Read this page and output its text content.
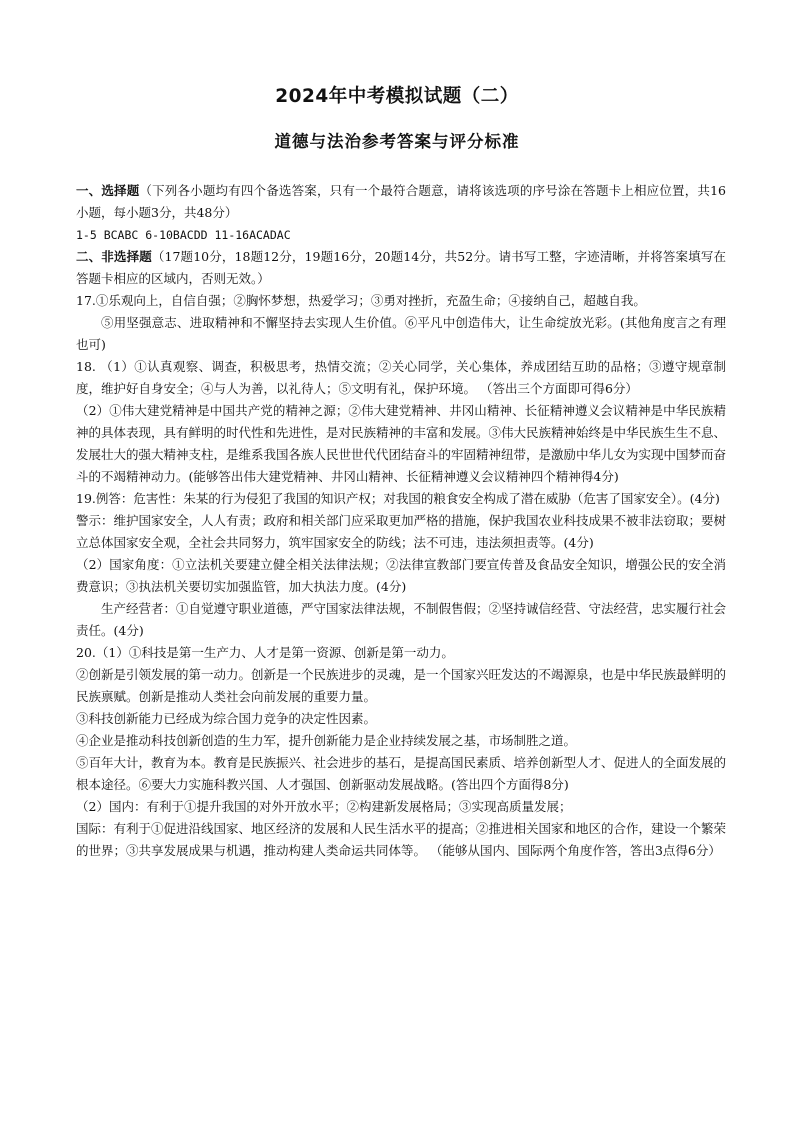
2024年中考模拟试题（二）
道德与法治参考答案与评分标准

一、选择题（下列各小题均有四个备选答案，只有一个最符合题意，请将该选项的序号涂在答题卡上相应位置，共16小题，每小题3分，共48分）

1-5 BCABC 6-10BACDD 11-16ACADAC

二、非选择题（17题10分，18题12分，19题16分，20题14分，共52分。请书写工整，字迹清晰，并将答案填写在答题卡相应的区域内，否则无效。）

17.①乐观向上，自信自强；②胸怀梦想，热爱学习；③勇对挫折，充盈生命；④接纳自己，超越自我。

⑤用坚强意志、进取精神和不懈坚持去实现人生价值。⑥平凡中创造伟大，让生命绽放光彩。(其他角度言之有理也可)

18. （1）①认真观察、调查，积极思考，热情交流；②关心同学，关心集体，养成团结互助的品格；③遵守规章制度，维护好自身安全；④与人为善，以礼待人；⑤文明有礼，保护环境。 （答出三个方面即可得6分）

（2）①伟大建党精神是中国共产党的精神之源；②伟大建党精神、井冈山精神、长征精神遵义会议精神是中华民族精神的具体表现，具有鲜明的时代性和先进性，是对民族精神的丰富和发展。③伟大民族精神始终是中华民族生生不息、发展壮大的强大精神支柱，是维系我国各族人民世世代代团结奋斗的牢固精神纽带，是激励中华儿女为实现中国梦而奋斗的不竭精神动力。(能够答出伟大建党精神、井冈山精神、长征精神遵义会议精神四个精神得4分)

19.例答：危害性：朱某的行为侵犯了我国的知识产权；对我国的粮食安全构成了潜在威胁（危害了国家安全）。(4分)

警示：维护国家安全，人人有责；政府和相关部门应采取更加严格的措施，保护我国农业科技成果不被非法窃取；要树立总体国家安全观，全社会共同努力，筑牢国家安全的防线；法不可违，违法须担责等。(4分)

（2）国家角度：①立法机关要建立健全相关法律法规；②法律宣教部门要宣传普及食品安全知识，增强公民的安全消费意识；③执法机关要切实加强监管，加大执法力度。(4分)

生产经营者：①自觉遵守职业道德，严守国家法律法规，不制假售假；②坚持诚信经营、守法经营，忠实履行社会责任。(4分)

20.（1）①科技是第一生产力、人才是第一资源、创新是第一动力。

②创新是引领发展的第一动力。创新是一个民族进步的灵魂，是一个国家兴旺发达的不竭源泉，也是中华民族最鲜明的民族禀赋。创新是推动人类社会向前发展的重要力量。

③科技创新能力已经成为综合国力竞争的决定性因素。

④企业是推动科技创新创造的生力军，提升创新能力是企业持续发展之基，市场制胜之道。

⑤百年大计，教育为本。教育是民族振兴、社会进步的基石，是提高国民素质、培养创新型人才、促进人的全面发展的根本途径。⑥要大力实施科教兴国、人才强国、创新驱动发展战略。(答出四个方面得8分)

（2）国内：有利于①提升我国的对外开放水平；②构建新发展格局；③实现高质量发展；

国际：有利于①促进沿线国家、地区经济的发展和人民生活水平的提高；②推进相关国家和地区的合作，建设一个繁荣的世界；③共享发展成果与机遇，推动构建人类命运共同体等。 （能够从国内、国际两个角度作答，答出3点得6分）
